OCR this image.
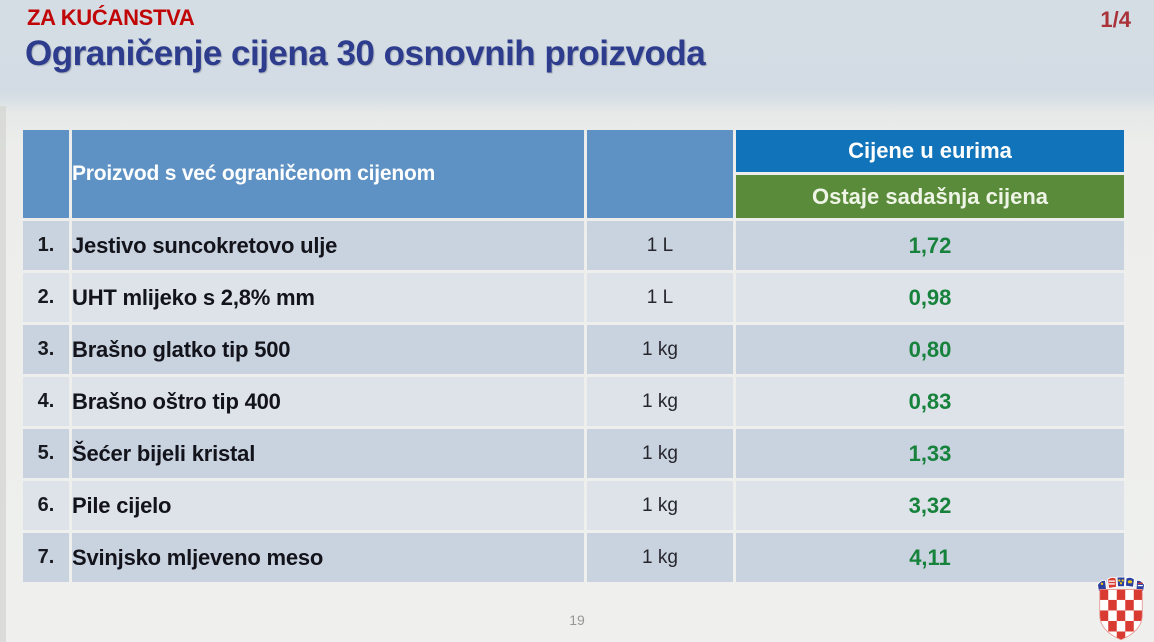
ZA KUĆANSTVA	1/4
Ograničenje cijena 30 osnovnih proizvoda
	Proizvod s već ograničenom cijenom		Cijene u eurima
			Ostaje sadašnja cijena
1.	Jestivo suncokretovo ulje	1 L	1,72
2.	UHT mlijeko s 2,8% mm	1 L	0,98
3.	Brašno glatko tip 500	1 kg	0,80
4.	Brašno oštro tip 400	1 kg	0,83
5.	Šećer bijeli kristal	1 kg	1,33
6.	Pile cijelo	1 kg	3,32
7.	Svinjsko mljeveno meso	1 kg	4,11
19
